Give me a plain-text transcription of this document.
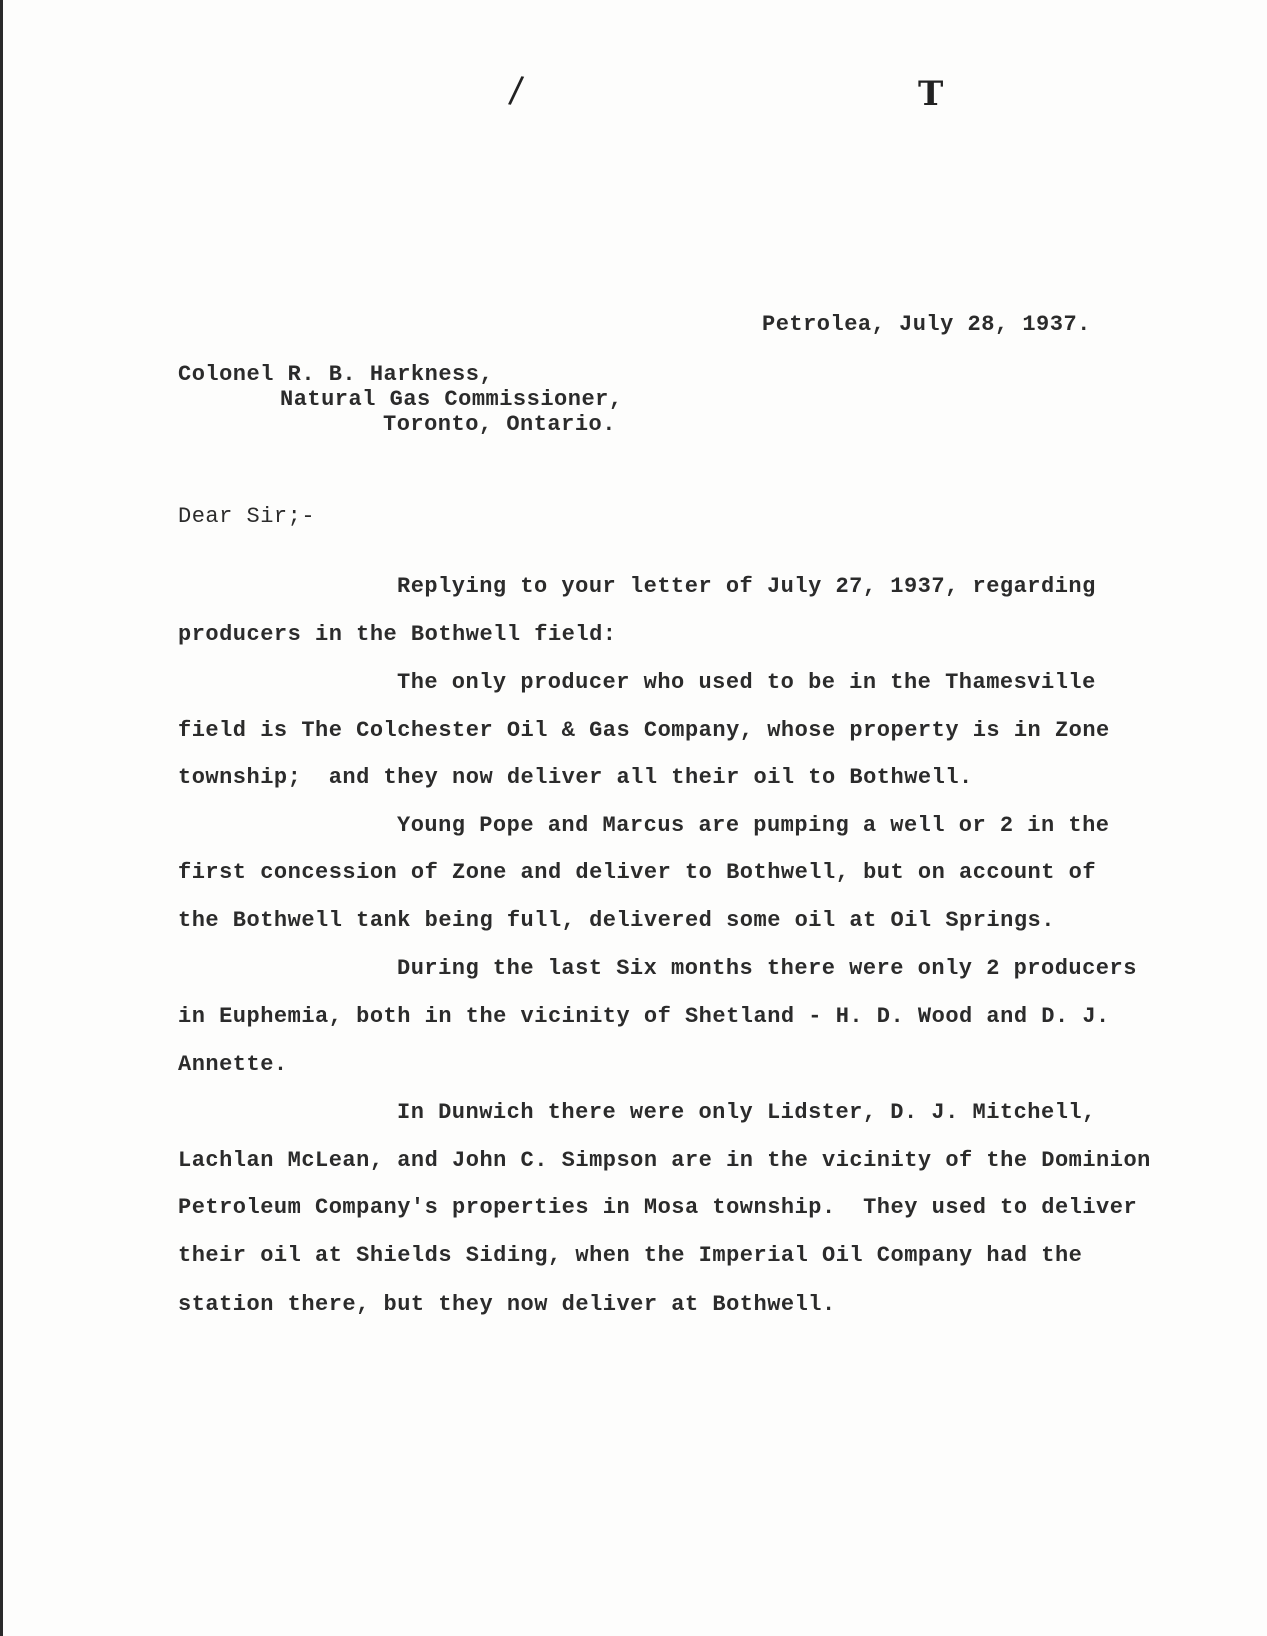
/	T
Petrolea, July 28, 1937.
Colonel R. B. Harkness,
Natural Gas Commissioner,
Toronto, Ontario.
Dear Sir;-
Replying to your letter of July 27, 1937, regarding
producers in the Bothwell field:
The only producer who used to be in the Thamesville
field is The Colchester Oil & Gas Company, whose property is in Zone
township;  and they now deliver all their oil to Bothwell.
Young Pope and Marcus are pumping a well or 2 in the
first concession of Zone and deliver to Bothwell, but on account of
the Bothwell tank being full, delivered some oil at Oil Springs.
During the last Six months there were only 2 producers
in Euphemia, both in the vicinity of Shetland - H. D. Wood and D. J.
Annette.
In Dunwich there were only Lidster, D. J. Mitchell,
Lachlan McLean, and John C. Simpson are in the vicinity of the Dominion
Petroleum Company's properties in Mosa township.  They used to deliver
their oil at Shields Siding, when the Imperial Oil Company had the
station there, but they now deliver at Bothwell.
